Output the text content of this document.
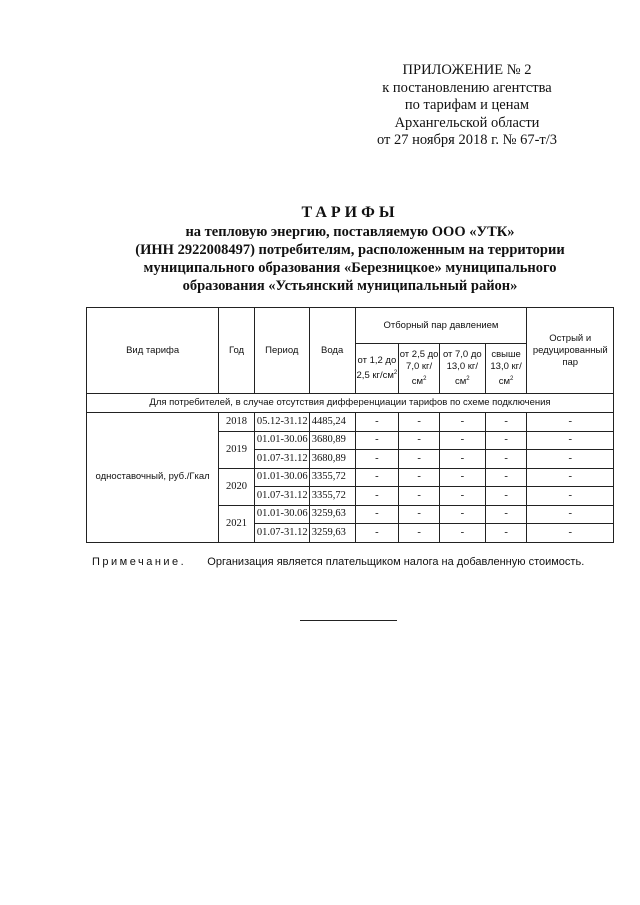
ПРИЛОЖЕНИЕ № 2
к постановлению агентства
по тарифам и ценам
Архангельской области
от 27 ноября 2018 г. № 67-т/3
ТАРИФЫ
на тепловую энергию, поставляемую ООО «УТК»
(ИНН 2922008497) потребителям, расположенным на территории
муниципального образования «Березницкое» муниципального
образования «Устьянский муниципальный район»
Вид тарифа	Год	Период	Вода	Отборный пар давлением				Острый и редуцированный пар
				от 1,2 до 2,5 $кг/см^2$	от 2,5 до 7,0 $кг/см^2$	от 7,0 до 13,0 $кг/см^2$	свыше 13,0 $кг/см^2$
Для потребителей, в случае отсутствия дифференциации тарифов по схеме подключения								
одноставочный, руб./Гкал	2018	05.12-31.12	4485,24	-	-	-	-	-
	2019	01.01-30.06	3680,89	-	-	-	-	-
		01.07-31.12	3680,89	-	-	-	-	-
	2020	01.01-30.06	3355,72	-	-	-	-	-
		01.07-31.12	3355,72	-	-	-	-	-
	2021	01.01-30.06	3259,63	-	-	-	-	-
		01.07-31.12	3259,63	-	-	-	-	-
Примечание. Организация является плательщиком налога на добавленную стоимость.
